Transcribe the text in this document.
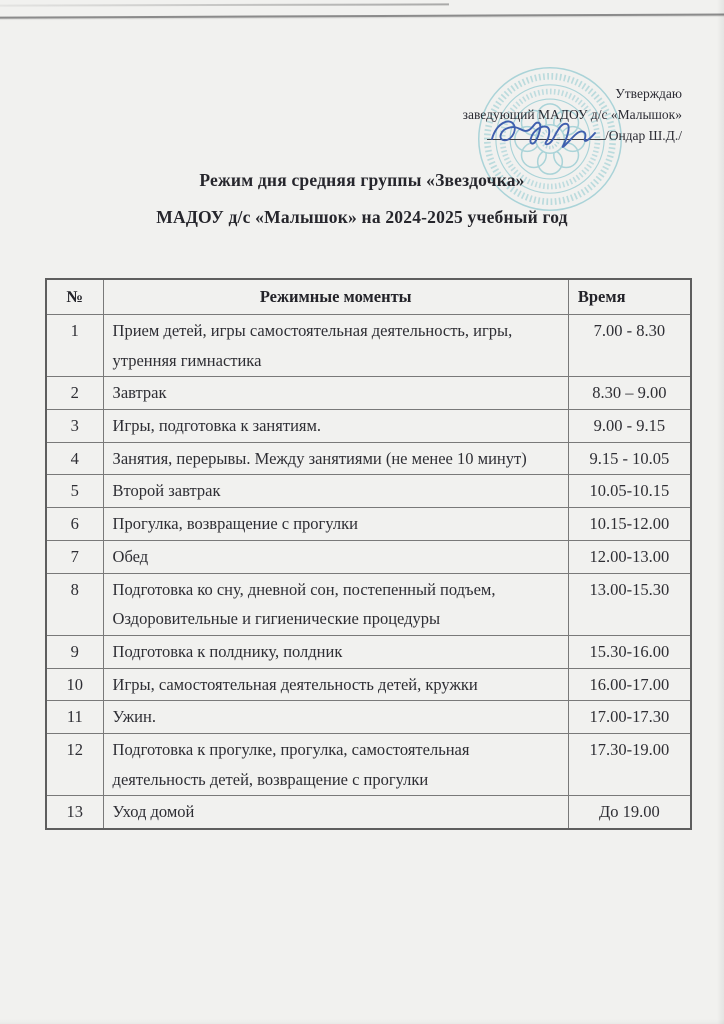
Утверждаю
заведующий МАДОУ д/с «Малышок»
/Ондар Ш.Д./
Режим дня средняя группы «Звездочка»
МАДОУ д/с «Малышок» на 2024-2025 учебный год
№	Режимные моменты	Время
1	Прием детей, игры самостоятельная деятельность, игры, утренняя гимнастика	7.00 - 8.30
2	Завтрак	8.30 – 9.00
3	Игры, подготовка к занятиям.	9.00 - 9.15
4	Занятия, перерывы. Между занятиями (не менее 10 минут)	9.15 - 10.05
5	Второй завтрак	10.05-10.15
6	Прогулка, возвращение с прогулки	10.15-12.00
7	Обед	12.00-13.00
8	Подготовка ко сну, дневной сон, постепенный подъем, Оздоровительные и гигиенические процедуры	13.00-15.30
9	Подготовка к полднику, полдник	15.30-16.00
10	Игры, самостоятельная деятельность детей, кружки	16.00-17.00
11	Ужин.	17.00-17.30
12	Подготовка к прогулке, прогулка, самостоятельная деятельность детей, возвращение с прогулки	17.30-19.00
13	Уход домой	До 19.00
